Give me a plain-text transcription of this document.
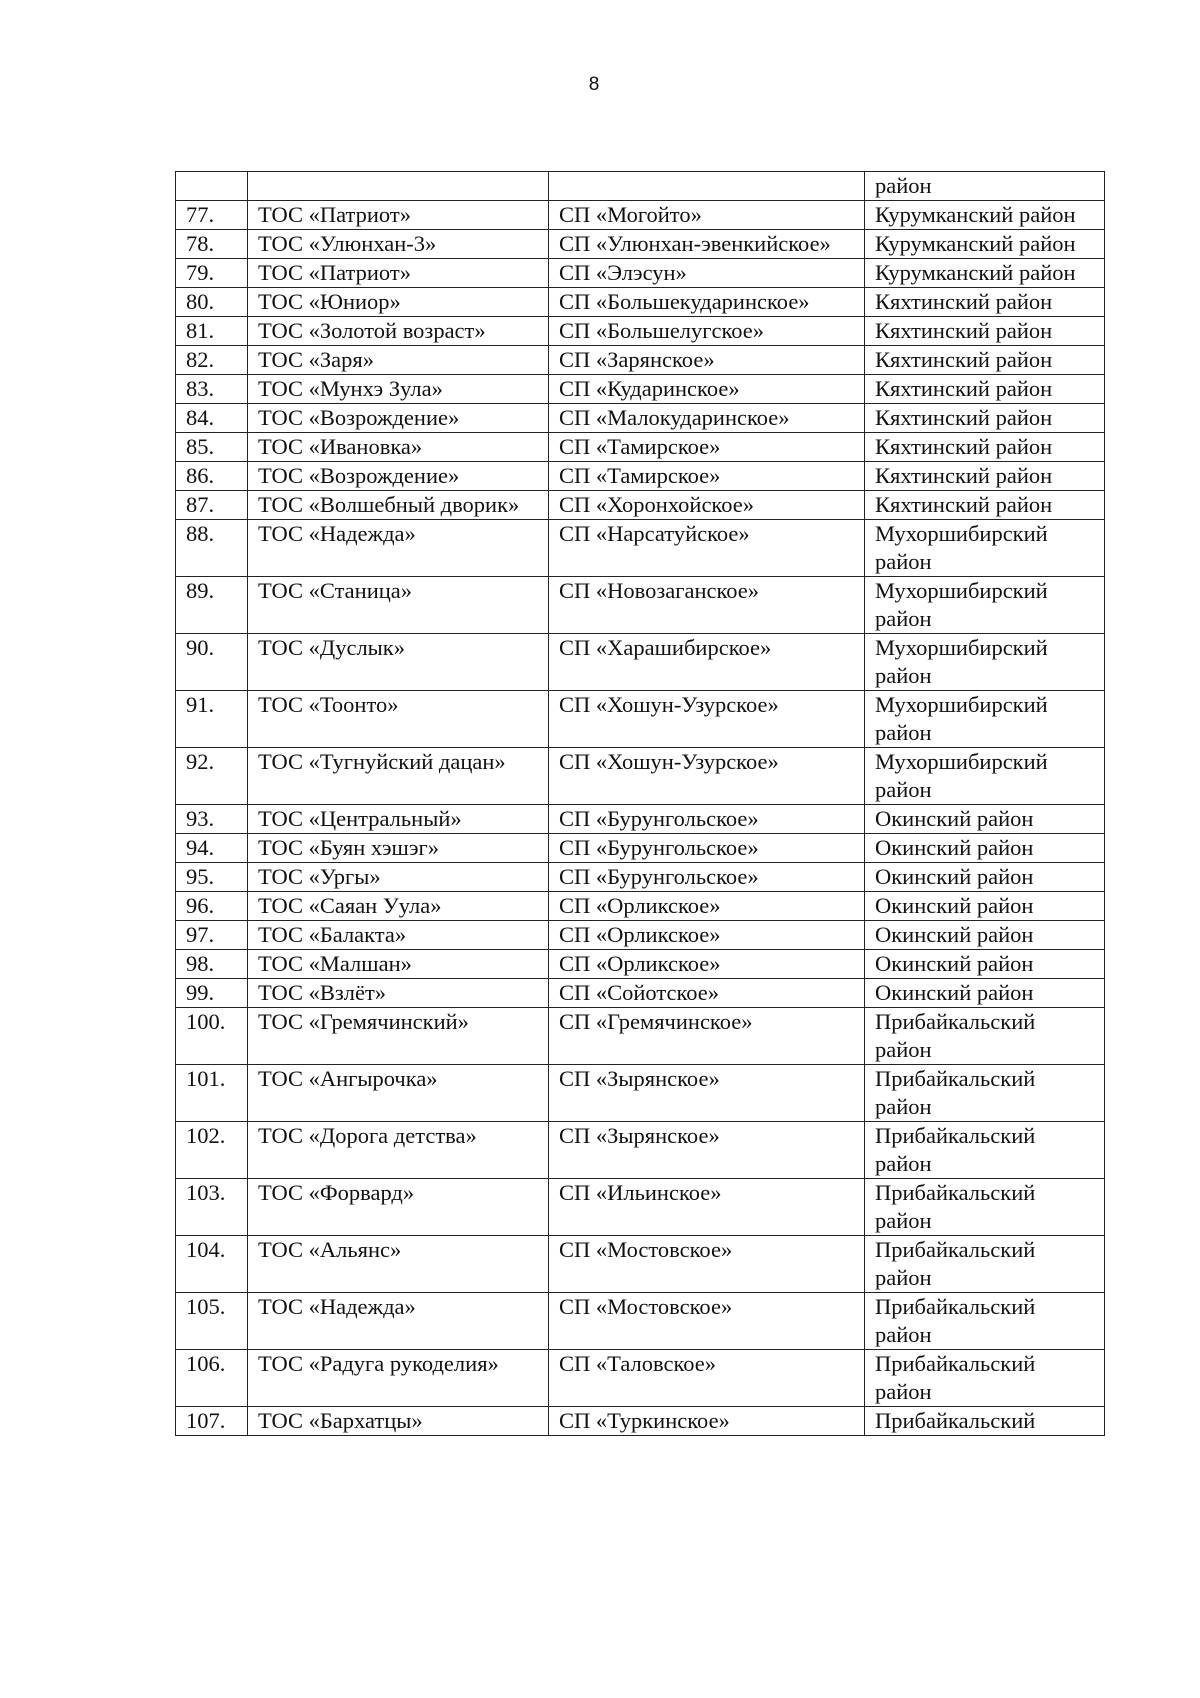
8
			район
77.	ТОС «Патриот»	СП «Могойто»	Курумканский район
78.	ТОС «Улюнхан-3»	СП «Улюнхан-эвенкийское»	Курумканский район
79.	ТОС «Патриот»	СП «Элэсун»	Курумканский район
80.	ТОС «Юниор»	СП «Большекударинское»	Кяхтинский район
81.	ТОС «Золотой возраст»	СП «Большелугское»	Кяхтинский район
82.	ТОС «Заря»	СП «Зарянское»	Кяхтинский район
83.	ТОС «Мунхэ Зула»	СП «Кударинское»	Кяхтинский район
84.	ТОС «Возрождение»	СП «Малокударинское»	Кяхтинский район
85.	ТОС «Ивановка»	СП «Тамирское»	Кяхтинский район
86.	ТОС «Возрождение»	СП «Тамирское»	Кяхтинский район
87.	ТОС «Волшебный дворик»	СП «Хоронхойское»	Кяхтинский район
88.	ТОС «Надежда»	СП «Нарсатуйское»	Мухоршибирский район
89.	ТОС «Станица»	СП «Новозаганское»	Мухоршибирский район
90.	ТОС «Дуслык»	СП «Харашибирское»	Мухоршибирский район
91.	ТОС «Тоонто»	СП «Хошун-Узурское»	Мухоршибирский район
92.	ТОС «Тугнуйский дацан»	СП «Хошун-Узурское»	Мухоршибирский район
93.	ТОС «Центральный»	СП «Бурунгольское»	Окинский район
94.	ТОС «Буян хэшэг»	СП «Бурунгольское»	Окинский район
95.	ТОС «Ургы»	СП «Бурунгольское»	Окинский район
96.	ТОС «Саяан Уула»	СП «Орликское»	Окинский район
97.	ТОС «Балакта»	СП «Орликское»	Окинский район
98.	ТОС «Малшан»	СП «Орликское»	Окинский район
99.	ТОС «Взлёт»	СП «Сойотское»	Окинский район
100.	ТОС «Гремячинский»	СП «Гремячинское»	Прибайкальский район
101.	ТОС «Ангырочка»	СП «Зырянское»	Прибайкальский район
102.	ТОС «Дорога детства»	СП «Зырянское»	Прибайкальский район
103.	ТОС «Форвард»	СП «Ильинское»	Прибайкальский район
104.	ТОС «Альянс»	СП «Мостовское»	Прибайкальский район
105.	ТОС «Надежда»	СП «Мостовское»	Прибайкальский район
106.	ТОС «Радуга рукоделия»	СП «Таловское»	Прибайкальский район
107.	ТОС «Бархатцы»	СП «Туркинское»	Прибайкальский
